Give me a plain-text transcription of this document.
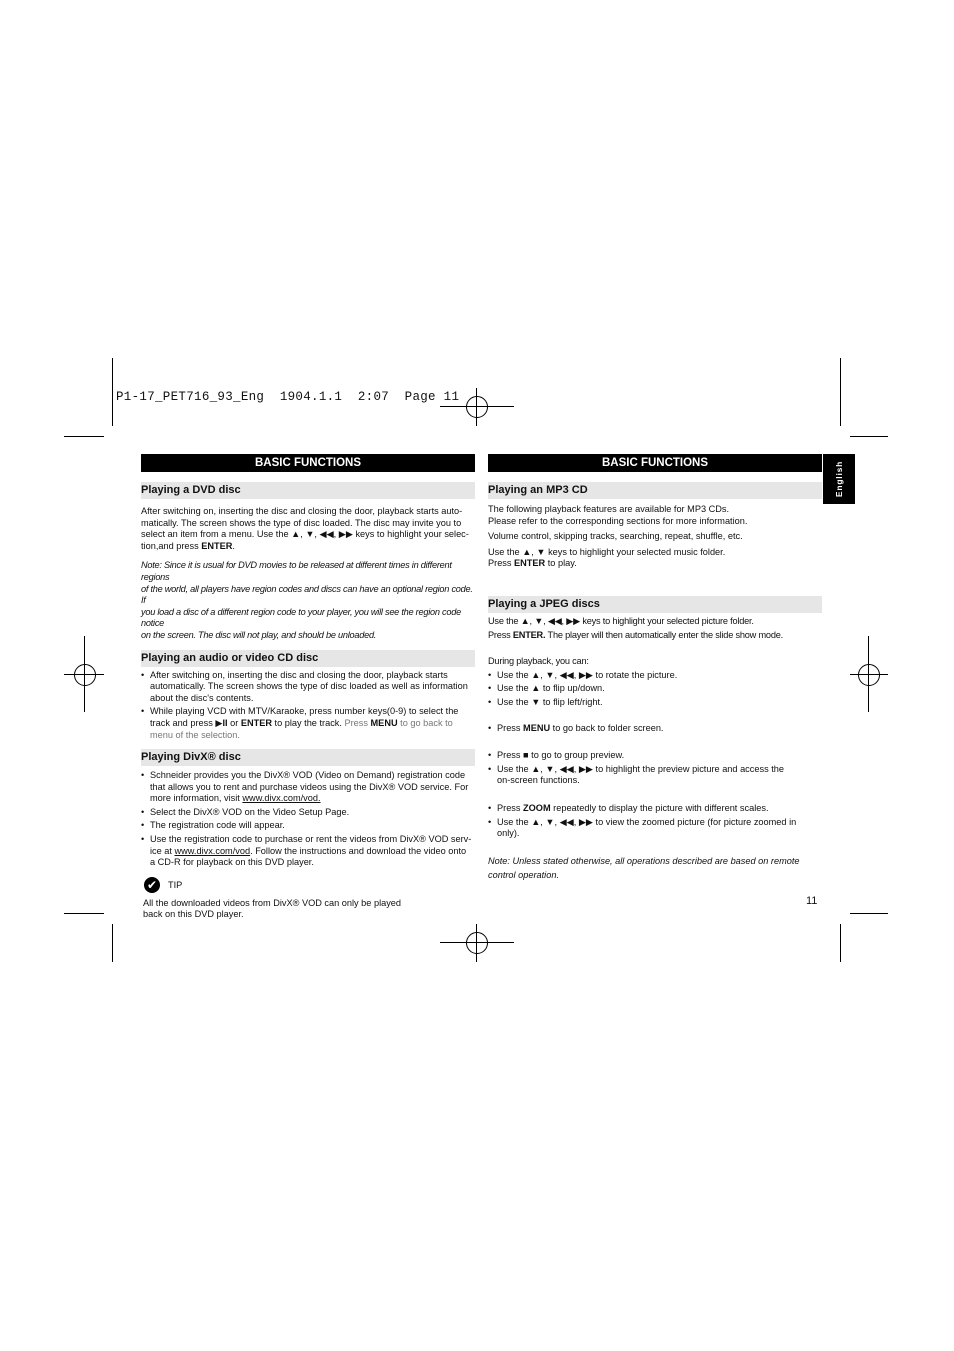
P1-17_PET716_93_Eng  1904.1.1  2:07  Page 11
English
BASIC FUNCTIONS
Playing a DVD disc

After switching on, inserting the disc and closing the door, playback starts auto-

matically. The screen shows the type of disc loaded. The disc may invite you to

select an item from a menu. Use the ▲, ▼, ◀◀, ▶▶ keys to highlight your selec-

tion,and press ENTER.

Note: Since it is usual for DVD movies to be released at different times in different regions

of the world, all players have region codes and discs can have an optional region code. If

you load a disc of a different region code to your player, you will see the region code notice

on the screen. The disc will not play, and should be unloaded.

Playing an audio or video CD disc
• After switching on, inserting the disc and closing the door, playback starts
automatically. The screen shows the type of disc loaded as well as information
about the disc's contents.
• While playing VCD with MTV/Karaoke, press number keys(0-9) to select the
track and press ▶II or ENTER to play the track. Press MENU to go back to
menu of the selection.
Playing DivX® disc
• Schneider provides you the DivX® VOD (Video on Demand) registration code
that allows you to rent and purchase videos using the DivX® VOD service. For
more information, visit www.divx.com/vod.
• Select the DivX® VOD on the Video Setup Page.
• The registration code will appear.
• Use the registration code to purchase or rent the videos from DivX® VOD serv-
ice at www.divx.com/vod. Follow the instructions and download the video onto
a CD-R for playback on this DVD player.
✔	TIP

All the downloaded videos from DivX® VOD can only be played

back on this DVD player.

BASIC FUNCTIONS
Playing an MP3 CD

The following playback features are available for MP3 CDs.

Please refer to the corresponding sections for more information.

Volume control, skipping tracks, searching, repeat, shuffle, etc.

Use the ▲, ▼ keys to highlight your selected music folder.

Press ENTER to play.

Playing a JPEG discs

Use the ▲, ▼, ◀◀, ▶▶ keys to highlight your selected picture folder.

Press ENTER. The player will then automatically enter the slide show mode.

During playback, you can:

• Use the ▲, ▼, ◀◀, ▶▶ to rotate the picture.
• Use the ▲ to flip up/down.
• Use the ▼ to flip left/right.
• Press MENU to go back to folder screen.
• Press ■ to go to group preview.
• Use the ▲, ▼, ◀◀, ▶▶ to highlight the preview picture and access the
on-screen functions.
• Press ZOOM repeatedly to display the picture with different scales.
• Use the ▲, ▼, ◀◀, ▶▶ to view the zoomed picture (for picture zoomed in
only).

Note: Unless stated otherwise, all operations described are based on remote

control operation.

11
